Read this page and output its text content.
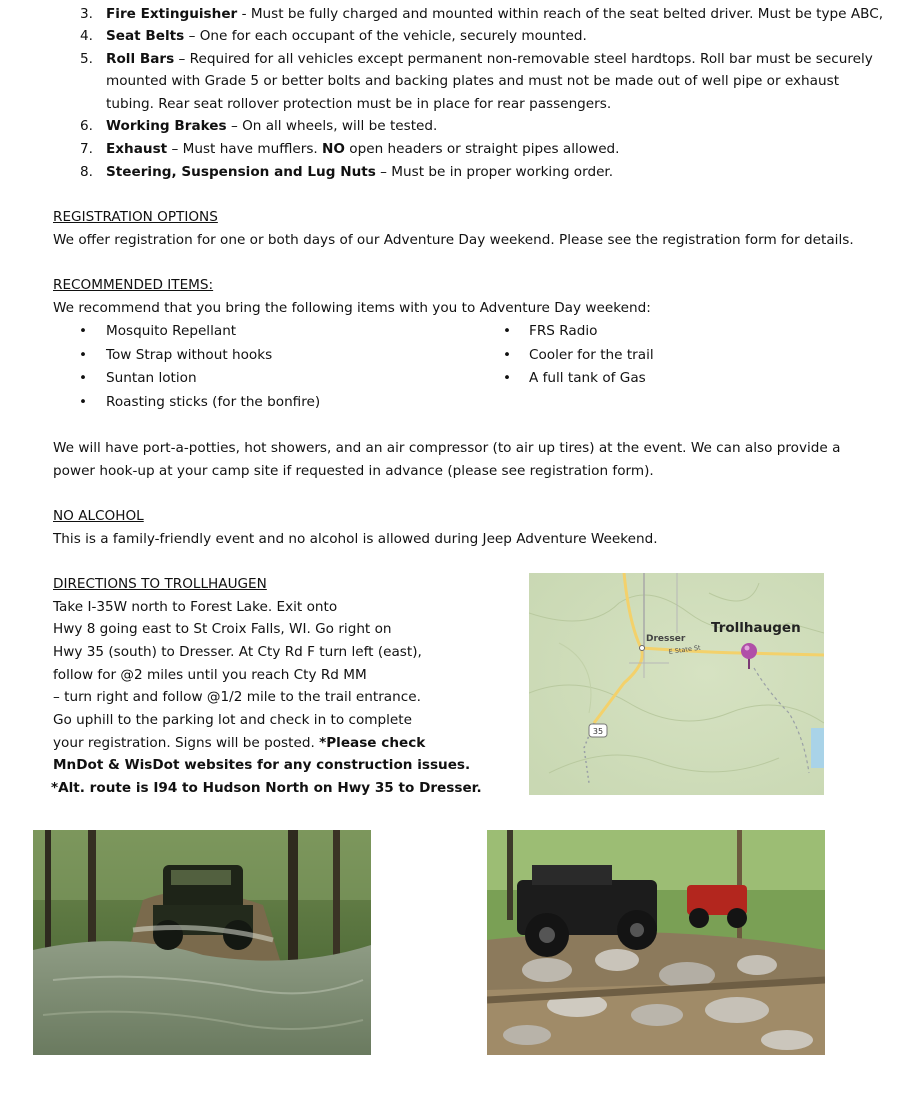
3. Fire Extinguisher - Must be fully charged and mounted within reach of the seat belted driver. Must be type ABC,
4. Seat Belts – One for each occupant of the vehicle, securely mounted.
5. Roll Bars – Required for all vehicles except permanent non-removable steel hardtops. Roll bar must be securely
mounted with Grade 5 or better bolts and backing plates and must not be made out of well pipe or exhaust
tubing. Rear seat rollover protection must be in place for rear passengers.
6. Working Brakes – On all wheels, will be tested.
7. Exhaust – Must have mufflers. NO open headers or straight pipes allowed.
8. Steering, Suspension and Lug Nuts – Must be in proper working order.
REGISTRATION OPTIONS
We offer registration for one or both days of our Adventure Day weekend. Please see the registration form for details.
RECOMMENDED ITEMS:
We recommend that you bring the following items with you to Adventure Day weekend:
•
Mosquito Repellant
•
Tow Strap without hooks
•
Suntan lotion
•
Roasting sticks (for the bonfire)
•
FRS Radio
•
Cooler for the trail
•
A full tank of Gas
We will have port-a-potties, hot showers, and an air compressor (to air up tires) at the event. We can also provide a
power hook-up at your camp site if requested in advance (please see registration form).
NO ALCOHOL
This is a family-friendly event and no alcohol is allowed during Jeep Adventure Weekend.
DIRECTIONS TO TROLLHAUGEN
Take I-35W north to Forest Lake. Exit onto
Hwy 8 going east to St Croix Falls, WI. Go right on
Hwy 35 (south) to Dresser. At Cty Rd F turn left (east),
follow for @2 miles until you reach Cty Rd MM
– turn right and follow @1/2 mile to the trail entrance.
Go uphill to the parking lot and check in to complete
your registration. Signs will be posted. *Please check
MnDot & WisDot websites for any construction issues.
*Alt. route is I94 to Hudson North on Hwy 35 to Dresser.
35
Dresser
E State St
Trollhaugen
